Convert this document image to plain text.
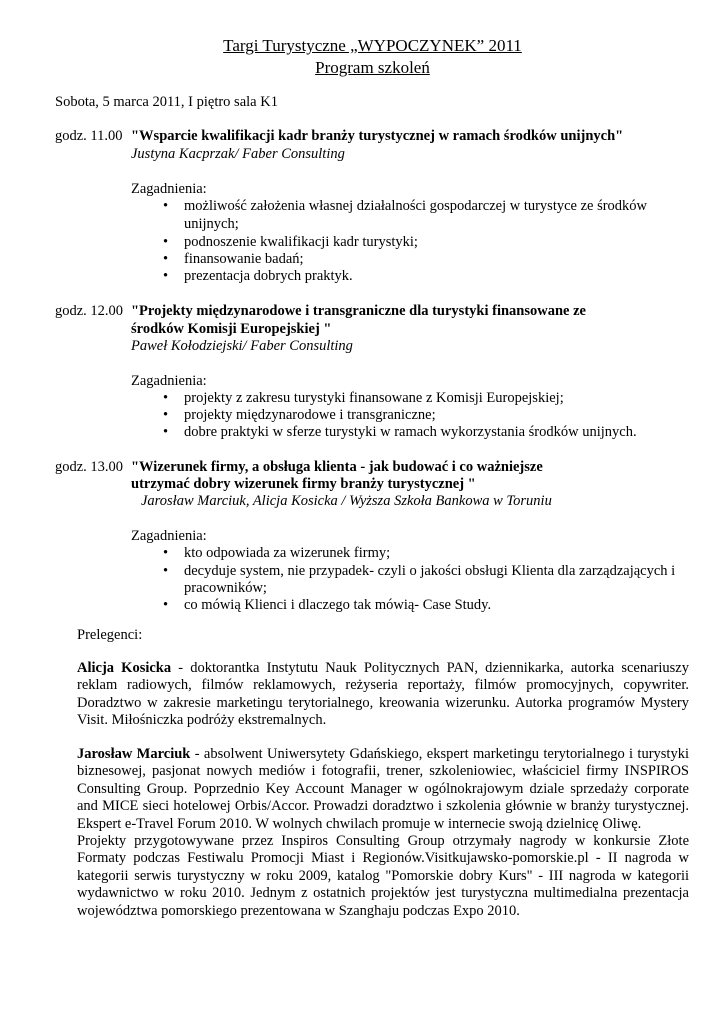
Targi Turystyczne „WYPOCZYNEK” 2011

Program szkoleń

Sobota, 5 marca 2011, I piętro sala K1

godz. 11.00 "Wsparcie kwalifikacji kadr branży turystycznej w ramach środków unijnych"

Justyna Kacprzak/ Faber Consulting

Zagadnienia:

• możliwość założenia własnej działalności gospodarczej w turystyce ze środków

unijnych;

• podnoszenie kwalifikacji kadr turystyki;

• finansowanie badań;

• prezentacja dobrych praktyk.

godz. 12.00 "Projekty międzynarodowe i transgraniczne dla turystyki finansowane ze

środków Komisji Europejskiej "

Paweł Kołodziejski/ Faber Consulting

Zagadnienia:

• projekty z zakresu turystyki finansowane z Komisji Europejskiej;

• projekty międzynarodowe i transgraniczne;

• dobre praktyki w sferze turystyki w ramach wykorzystania środków unijnych.

godz. 13.00 "Wizerunek firmy, a obsługa klienta - jak budować i co ważniejsze

utrzymać dobry wizerunek firmy branży turystycznej "

Jarosław Marciuk, Alicja Kosicka / Wyższa Szkoła Bankowa w Toruniu

Zagadnienia:

• kto odpowiada za wizerunek firmy;

• decyduje system, nie przypadek- czyli o jakości obsługi Klienta dla zarządzających i

pracowników;

• co mówią Klienci i dlaczego tak mówią- Case Study.

Prelegenci:

Alicja Kosicka - doktorantka Instytutu Nauk Politycznych PAN, dziennikarka, autorka scenariuszy reklam radiowych, filmów reklamowych, reżyseria reportaży, filmów promocyjnych, copywriter. Doradztwo w zakresie marketingu terytorialnego, kreowania wizerunku. Autorka programów Mystery Visit. Miłośniczka podróży ekstremalnych.

Jarosław Marciuk - absolwent Uniwersytety Gdańskiego, ekspert marketingu terytorialnego i turystyki biznesowej, pasjonat nowych mediów i fotografii, trener, szkoleniowiec, właściciel firmy INSPIROS Consulting Group. Poprzednio Key Account Manager w ogólnokrajowym dziale sprzedaży corporate and MICE sieci hotelowej Orbis/Accor. Prowadzi doradztwo i szkolenia głównie w branży turystycznej. Ekspert e-Travel Forum 2010. W wolnych chwilach promuje w internecie swoją dzielnicę Oliwę.

Projekty przygotowywane przez Inspiros Consulting Group otrzymały nagrody w konkursie Złote Formaty podczas Festiwalu Promocji Miast i Regionów.Visitkujawsko-pomorskie.pl - II nagroda w kategorii serwis turystyczny w roku 2009, katalog "Pomorskie dobry Kurs" - III nagroda w kategorii wydawnictwo w roku 2010. Jednym z ostatnich projektów jest turystyczna multimedialna prezentacja województwa pomorskiego prezentowana w Szanghaju podczas Expo 2010.
